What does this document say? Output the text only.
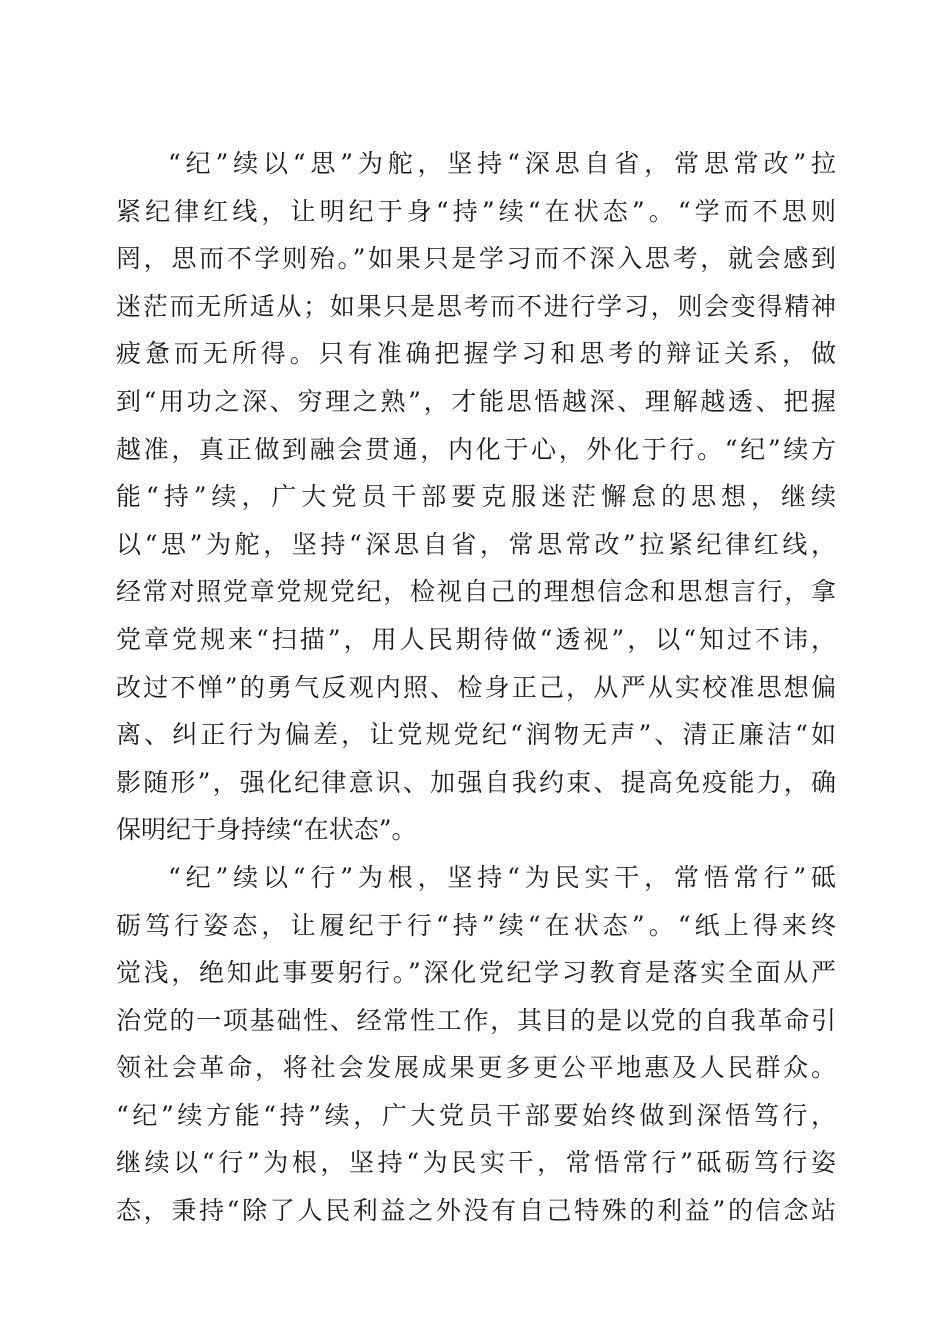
“纪”续以“思”为舵，坚持“深思自省，常思常改”拉
紧纪律红线，让明纪于身“持”续“在状态”。“学而不思则
罔，思而不学则殆。”如果只是学习而不深入思考，就会感到
迷茫而无所适从；如果只是思考而不进行学习，则会变得精神
疲惫而无所得。只有准确把握学习和思考的辩证关系，做
到“用功之深、穷理之熟”，才能思悟越深、理解越透、把握
越准，真正做到融会贯通，内化于心，外化于行。“纪”续方
能“持”续，广大党员干部要克服迷茫懈怠的思想，继续
以“思”为舵，坚持“深思自省，常思常改”拉紧纪律红线，
经常对照党章党规党纪，检视自己的理想信念和思想言行，拿
党章党规来“扫描”，用人民期待做“透视”，以“知过不讳，
改过不惮”的勇气反观内照、检身正己，从严从实校准思想偏
离、纠正行为偏差，让党规党纪“润物无声”、清正廉洁“如
影随形”，强化纪律意识、加强自我约束、提高免疫能力，确
保明纪于身持续“在状态”。
“纪”续以“行”为根，坚持“为民实干，常悟常行”砥
砺笃行姿态，让履纪于行“持”续“在状态”。“纸上得来终
觉浅，绝知此事要躬行。”深化党纪学习教育是落实全面从严
治党的一项基础性、经常性工作，其目的是以党的自我革命引
领社会革命，将社会发展成果更多更公平地惠及人民群众。
“纪”续方能“持”续，广大党员干部要始终做到深悟笃行，
继续以“行”为根，坚持“为民实干，常悟常行”砥砺笃行姿
态，秉持“除了人民利益之外没有自己特殊的利益”的信念站
